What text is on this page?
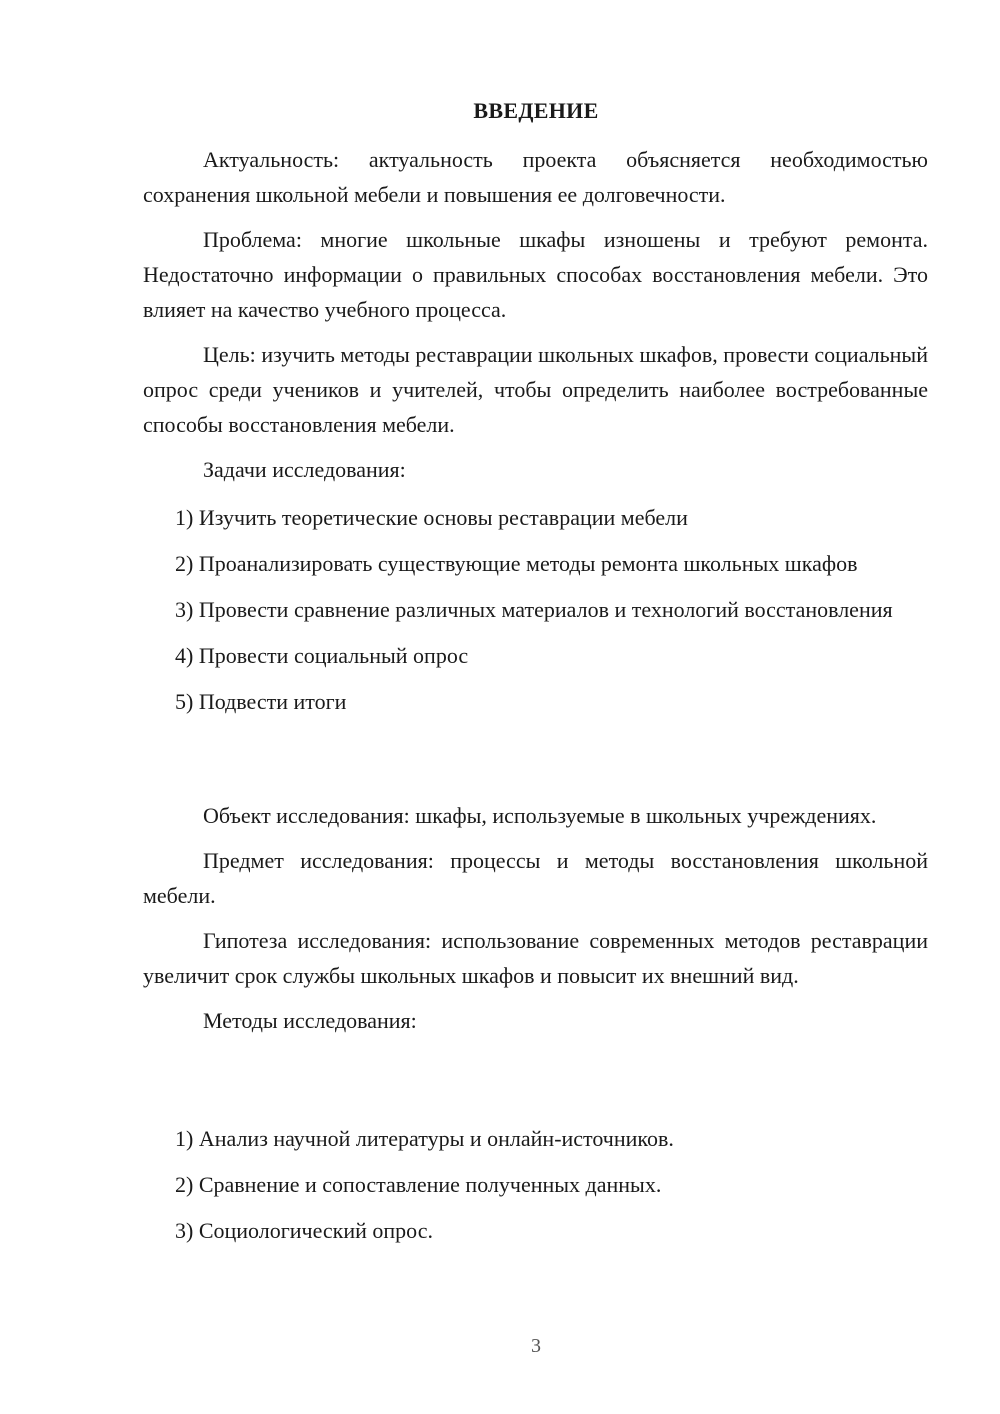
ВВЕДЕНИЕ

Актуальность: актуальность проекта объясняется необходимостью сохранения школьной мебели и повышения ее долговечности.

Проблема: многие школьные шкафы изношены и требуют ремонта. Недостаточно информации о правильных способах восстановления мебели. Это влияет на качество учебного процесса.

Цель: изучить методы реставрации школьных шкафов, провести социальный опрос среди учеников и учителей, чтобы определить наиболее востребованные способы восстановления мебели.

Задачи исследования:

1) Изучить теоретические основы реставрации мебели

2) Проанализировать существующие методы ремонта школьных шкафов

3) Провести сравнение различных материалов и технологий восстановления

4) Провести социальный опрос

5) Подвести итоги

Объект исследования: шкафы, используемые в школьных учреждениях.

Предмет исследования: процессы и методы восстановления школьной мебели.

Гипотеза исследования: использование современных методов реставрации увеличит срок службы школьных шкафов и повысит их внешний вид.

Методы исследования:

1) Анализ научной литературы и онлайн-источников.

2) Сравнение и сопоставление полученных данных.

3) Социологический опрос.

3
